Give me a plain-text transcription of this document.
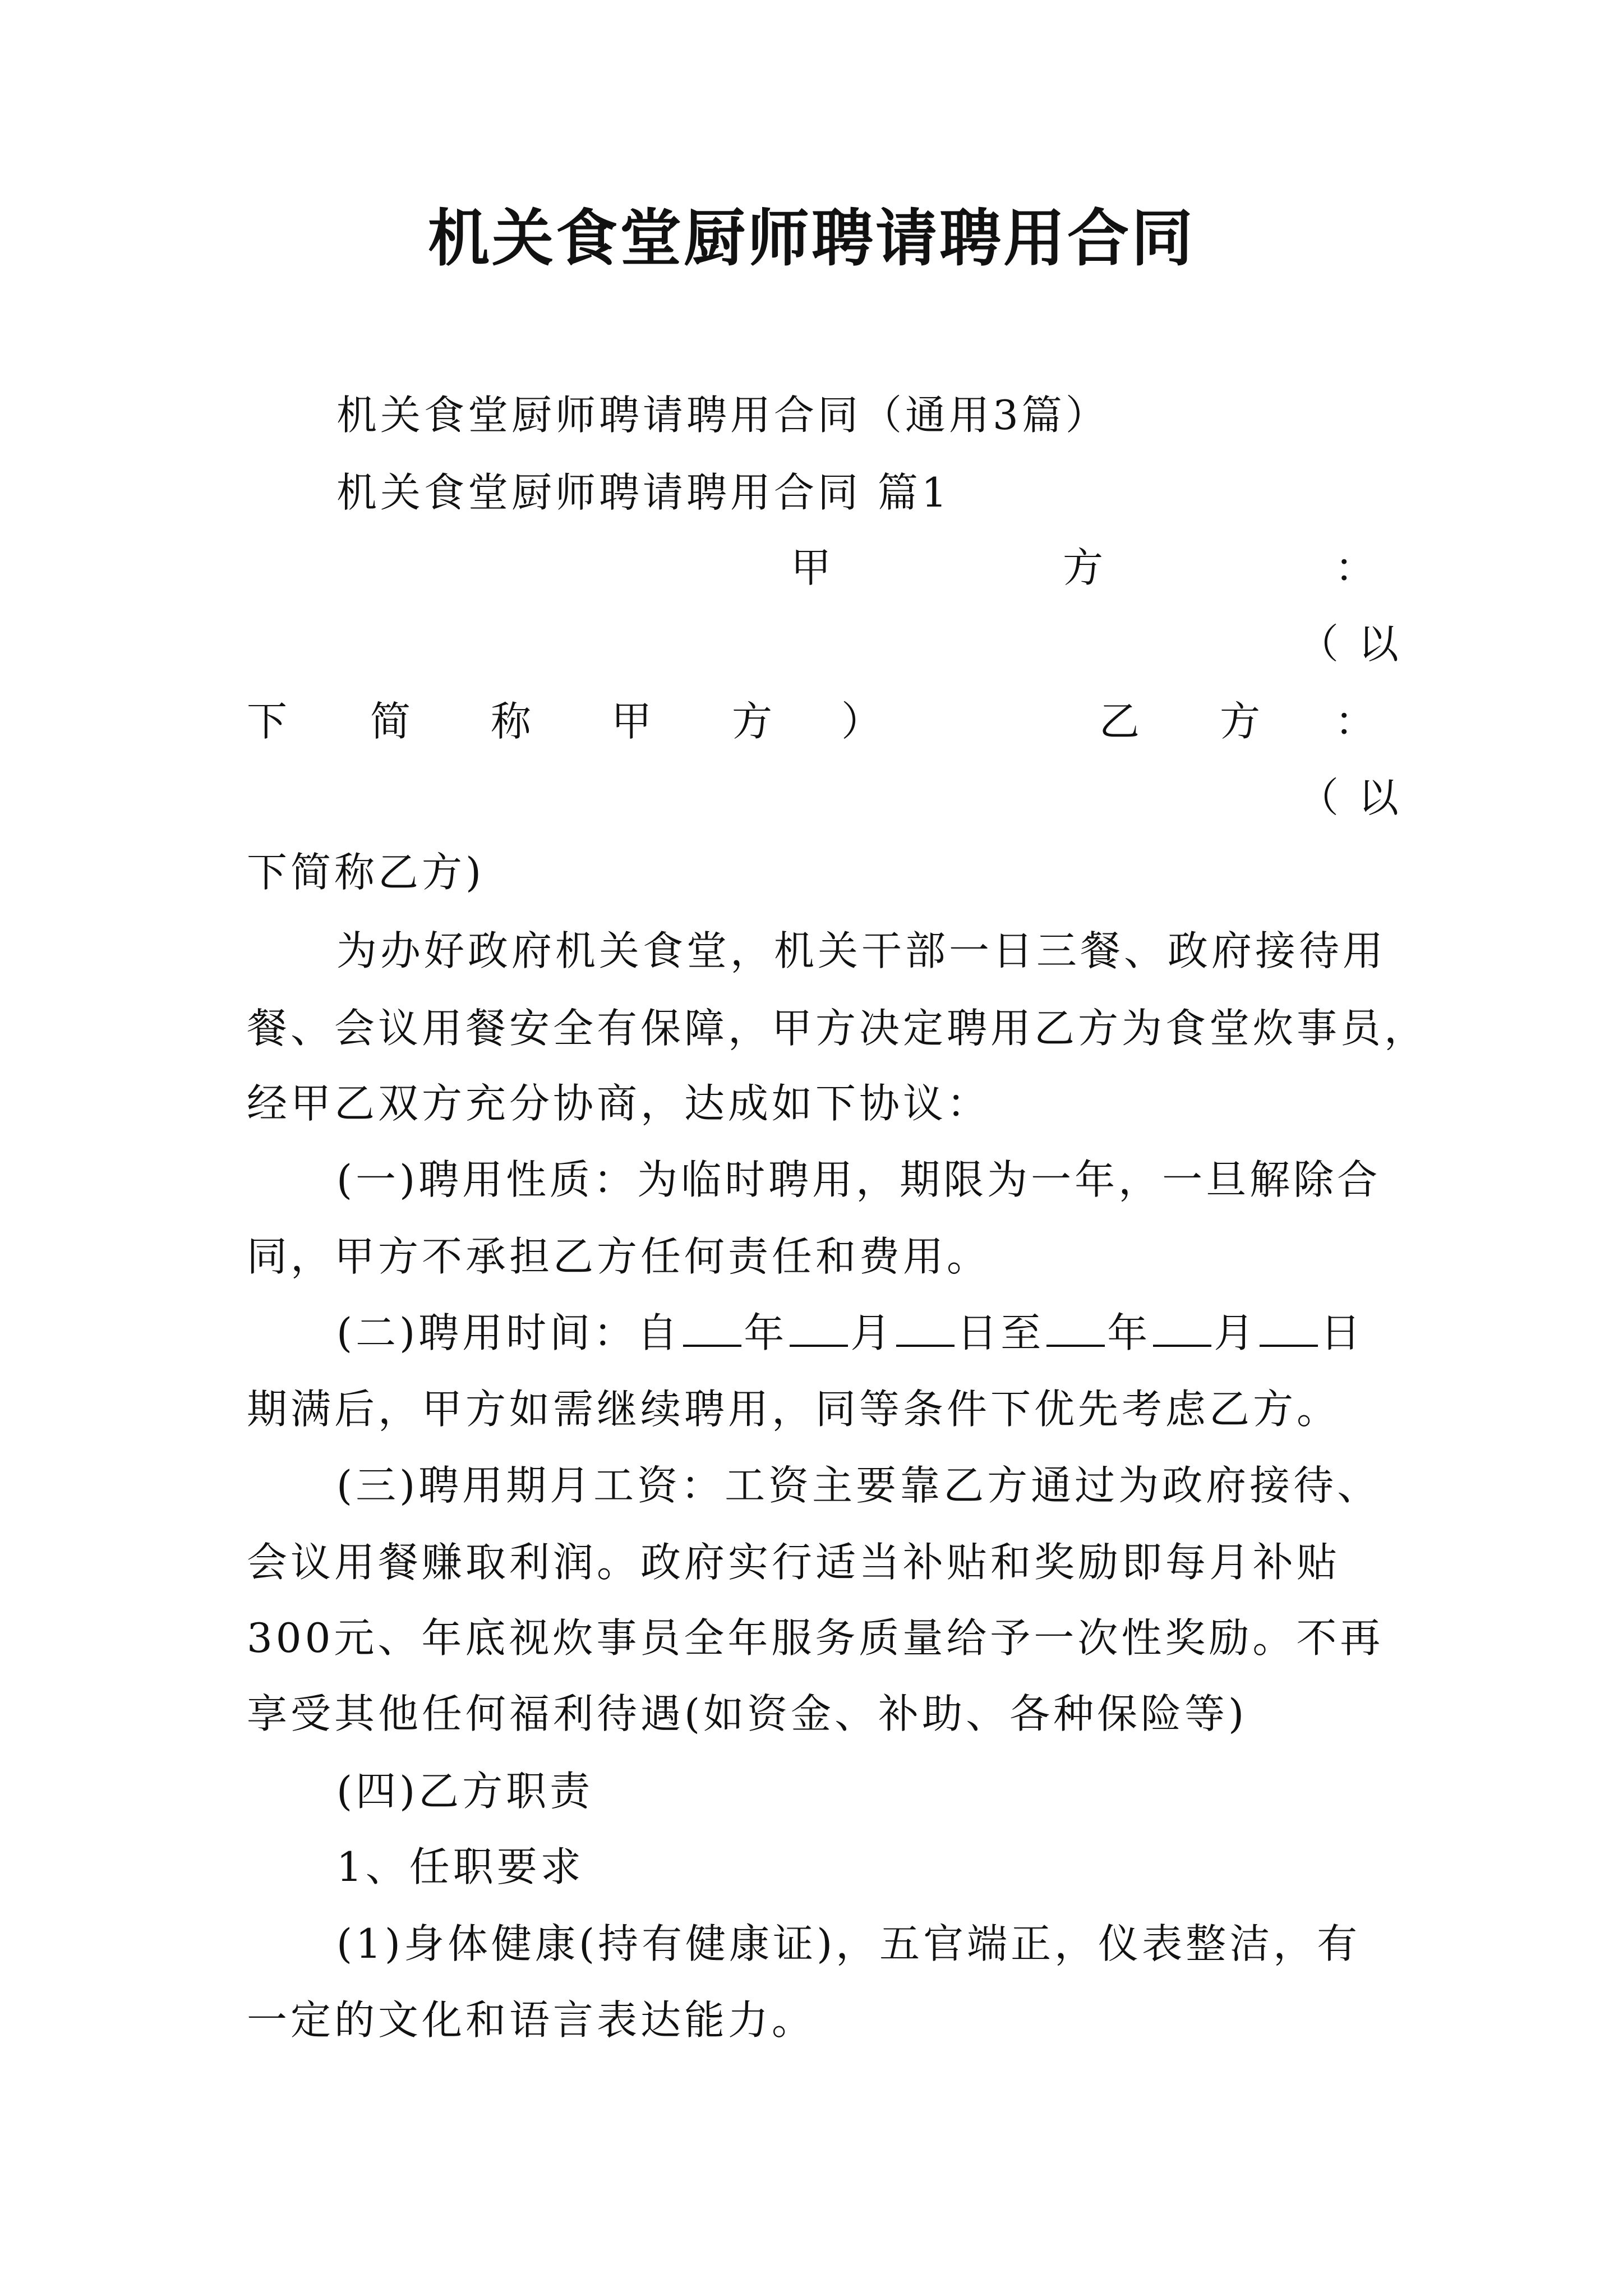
机关食堂厨师聘请聘用合同
机关食堂厨师聘请聘用合同（通用3篇）
机关食堂厨师聘请聘用合同 篇1
甲	方	：
（ 以
下 简 称 甲 方 ）	乙 方 ：
（ 以
下简称乙方)
为办好政府机关食堂，机关干部一日三餐、政府接待用
餐、会议用餐安全有保障，甲方决定聘用乙方为食堂炊事员，
经甲乙双方充分协商，达成如下协议：
(一)聘用性质：为临时聘用，期限为一年，一旦解除合
同，甲方不承担乙方任何责任和费用。
(二)聘用时间：自 年 月 日至 年 月 日
期满后，甲方如需继续聘用，同等条件下优先考虑乙方。
(三)聘用期月工资：工资主要靠乙方通过为政府接待、
会议用餐赚取利润。政府实行适当补贴和奖励即每月补贴
300元、年底视炊事员全年服务质量给予一次性奖励。不再
享受其他任何福利待遇(如资金、补助、各种保险等)
(四)乙方职责
1、任职要求
(1)身体健康(持有健康证)，五官端正，仪表整洁，有
一定的文化和语言表达能力。
